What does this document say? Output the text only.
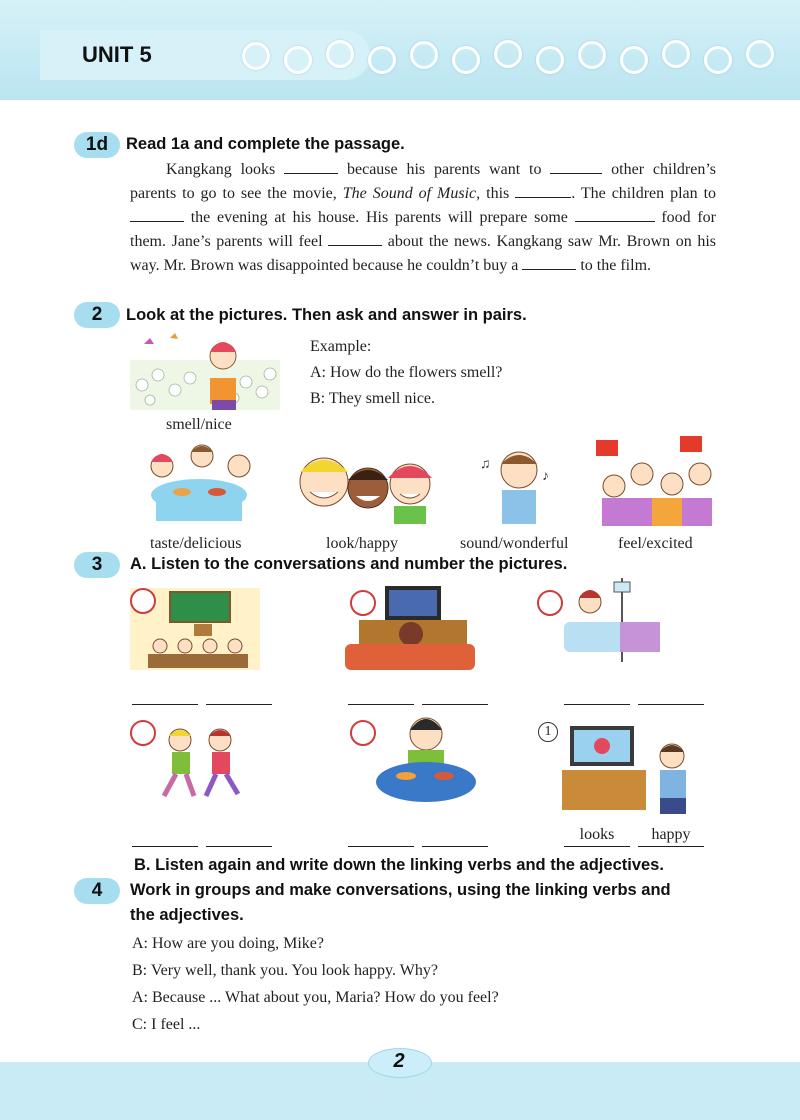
UNIT 5
1d	Read 1a and complete the passage.

Kangkang looks	because his parents want to	other children’s parents to go to see the movie, The Sound of Music, this	. The children plan to  the evening at his house. His parents will prepare some	food for them. Jane’s parents will feel	about the news. Kangkang saw Mr. Brown on his way. Mr. Brown was disappointed because he couldn’t buy a	to the film.

2	Look at the pictures. Then ask and answer in pairs.
Example:
A: How do the flowers smell?
B: They smell nice.
smell/nice
♫
♪
taste/delicious	look/happy	sound/wonderful	feel/excited
3	A. Listen to the conversations and number the pictures.
1
looks	happy
B. Listen again and write down the linking verbs and the adjectives.
4	Work in groups and make conversations, using the linking verbs and
the adjectives.
A: How are you doing, Mike?
B: Very well, thank you. You look happy. Why?
A: Because ... What about you, Maria? How do you feel?
C: I feel ...
2
